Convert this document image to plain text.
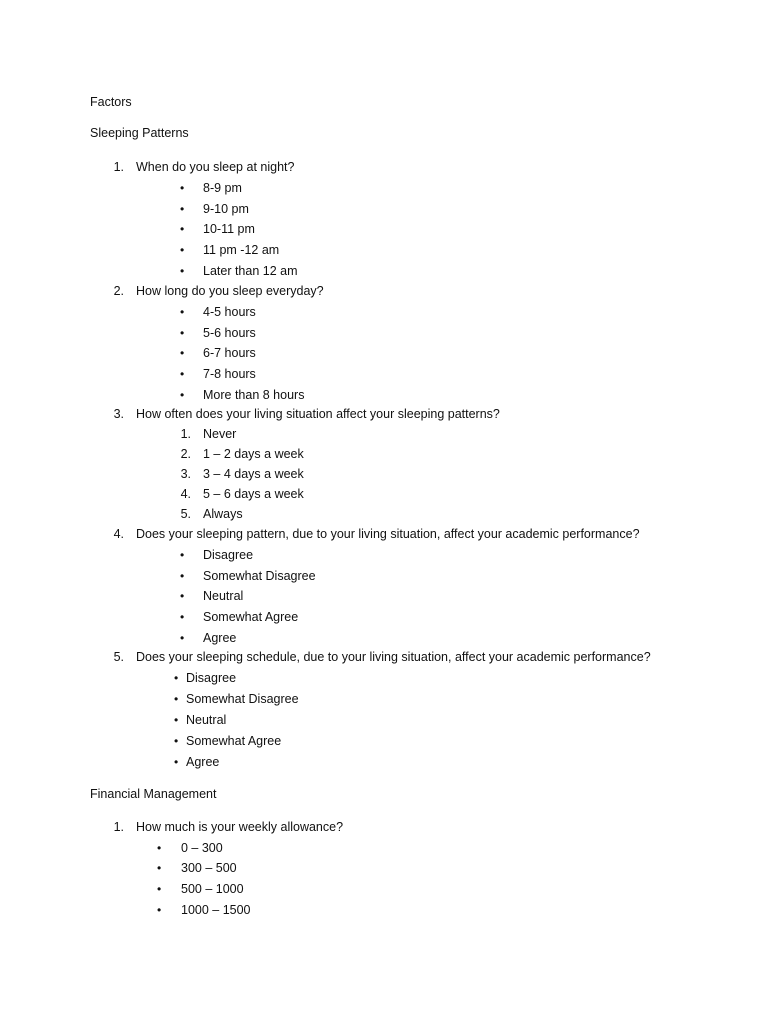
Factors
Sleeping Patterns
1. When do you sleep at night?
• 8-9 pm
• 9-10 pm
• 10-11 pm
• 11 pm -12 am
• Later than 12 am
2. How long do you sleep everyday?
• 4-5 hours
• 5-6 hours
• 6-7 hours
• 7-8 hours
• More than 8 hours
3. How often does your living situation affect your sleeping patterns?
1. Never
2. 1 – 2 days a week
3. 3 – 4 days a week
4. 5 – 6 days a week
5. Always
4. Does your sleeping pattern, due to your living situation, affect your academic performance?
• Disagree
• Somewhat Disagree
• Neutral
• Somewhat Agree
• Agree
5. Does your sleeping schedule, due to your living situation, affect your academic performance?
• Disagree
• Somewhat Disagree
• Neutral
• Somewhat Agree
• Agree
Financial Management
1. How much is your weekly allowance?
• 0 – 300
• 300 – 500
• 500 – 1000
• 1000 – 1500
